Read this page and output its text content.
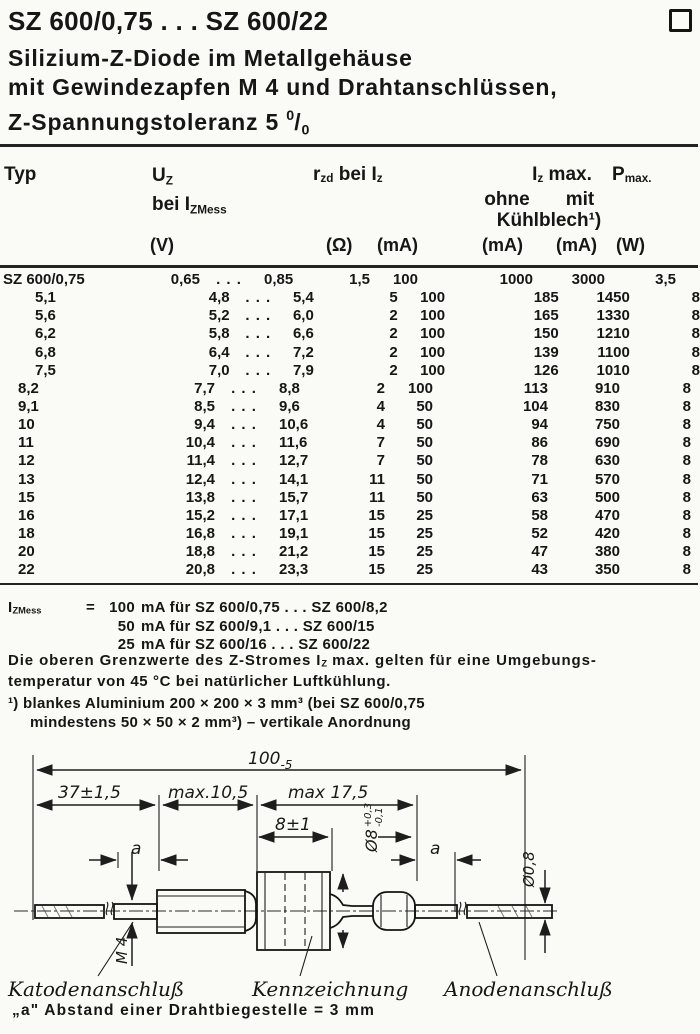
SZ 600/0,75 . . . SZ 600/22
Silizium-Z-Diode im Metallgehäuse
mit Gewindezapfen M 4 und Drahtanschlüssen,
Z-Spannungstoleranz 5 $^0/_0$
Typ	$U_Z$
bei $I_{ZMess}$
$r_{zd}$ bei $I_z$	$I_z$ max.
ohne	mit
Kühlblech¹)
$P_{max.}$
(V)	(Ω) (mA)	(mA) (mA) (W)
SZ 600/0,75	0,65	. . .	0,85	1,5	100	1000	3000	3,5
5,1	4,8	. . .	5,4	5	100	185	1450	8
5,6	5,2	. . .	6,0	2	100	165	1330	8
6,2	5,8	. . .	6,6	2	100	150	1210	8
6,8	6,4	. . .	7,2	2	100	139	1100	8
7,5	7,0	. . .	7,9	2	100	126	1010	8
8,2	7,7	. . .	8,8	2	100	113	910	8
9,1	8,5	. . .	9,6	4	50	104	830	8
10	9,4	. . .	10,6	4	50	94	750	8
11	10,4	. . .	11,6	7	50	86	690	8
12	11,4	. . .	12,7	7	50	78	630	8
13	12,4	. . .	14,1	11	50	71	570	8
15	13,8	. . .	15,7	11	50	63	500	8
16	15,2	. . .	17,1	15	25	58	470	8
18	16,8	. . .	19,1	15	25	52	420	8
20	18,8	. . .	21,2	15	25	47	380	8
22	20,8	. . .	23,3	15	25	43	350	8
$I_{ZMess}$	= 100 mA für SZ 600/0,75 . . . SZ 600/8,2
50 mA für SZ 600/9,1 . . . SZ 600/15
25 mA für SZ 600/16 . . . SZ 600/22
Die oberen Grenzwerte des Z-Stromes $I_Z$ max. gelten für eine Umgebungs-
temperatur von 45 °C bei natürlicher Luftkühlung.
¹) blankes Aluminium 200 × 200 × 3 mm³ (bei SZ 600/0,75
mindestens 50 × 50 × 2 mm³) – vertikale Anordnung
$100_{-5}$
37±1,5	max.10,5 max 17,5
8±1
a	a
M 4
$Ø8^{+0,3}-0,1$
Ø0,8
Katodenanschluß	Kennzeichnung Anodenanschluß
„a" Abstand einer Drahtbiegestelle = 3 mm
